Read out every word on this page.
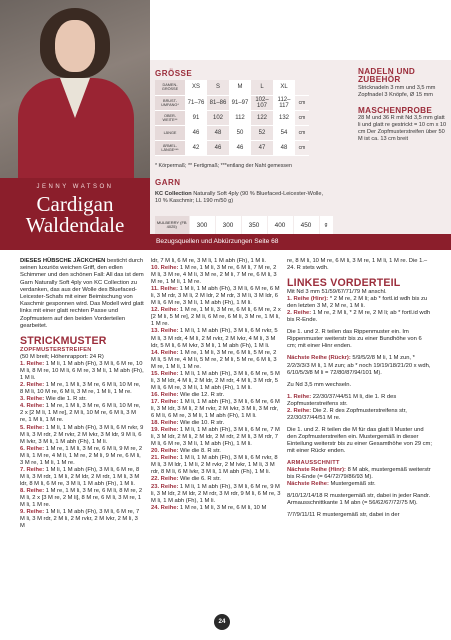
JENNY WATSON
Cardigan
Waldendale
GRÖSSE
DAMEN-GRÖSSE	XS	S	M	L	XL	
BRUST-UMFANG*	71–76	81–86	91–97	102–107	112–117	cm
OBER-WEITE**	91	102	112	122	132	cm
LÄNGE	46	48	50	52	54	cm
ÄRMEL-LÄNGE***	42	46	46	47	48	cm
* Körpermaß; ** Fertigmaß; ***entlang der Naht gemessen
GARN
KC Collection Naturally Soft 4ply (90 % Bluefaced-Leicester-Wolle, 10 % Kaschmir; LL 190 m/50 g)
MULBERRY (FB 4025)	300	300	350	400	450	g
NADELN UND ZUBEHÖR
Stricknadeln 3 mm und 3,5 mm Zopfnadel 3 Knöpfe, Ø 15 mm
MASCHENPROBE
28 M und 36 R mit Nd 3,5 mm glatt li und glatt re gestrickt = 10 cm x 10 cm Der Zopfmusterstreifen über 50 M ist ca. 13 cm breit
Bezugsquellen und Abkürzungen Seite 68

DIESES HÜBSCHE JÄCKCHEN besticht durch seinen luxuriös weichen Griff, den edlen Schimmer und den schönen Fall: All das ist dem Garn Naturally Soft 4ply von KC Collection zu verdanken, das aus der Wolle des Bluefaced-Leicester-Schafs mit einer Beimischung von Kaschmir gesponnen wird. Das Modell wird glatt links mit einer glatt rechten Passe und Zopfmustern auf den beiden Vorderteilen gearbeitet.

STRICKMUSTER
ZOPFMUSTERSTREIFEN

(50 M breit; Höhenrapport: 24 R)

1. Reihe: 1 M li, 1 M abh (Fh), 3 M li, 6 M re, 10 M li, 8 M re, 10 M li, 6 M re, 3 M li, 1 M abh (Fh), 1 M li.

2. Reihe: 1 M re, 1 M li, 3 M re, 6 M li, 10 M re, 8 M li, 10 M re, 6 M li, 3 M re, 1 M li, 1 M re.

3. Reihe: Wie die 1. R str.

4. Reihe: 1 M re, 1 M li, 3 M re, 6 M li, 10 M re, 2 x [2 M li, 1 M re], 2 M li, 10 M re, 6 M li, 3 M re, 1 M li, 1 M re.

5. Reihe: 1 M li, 1 M abh (Fh), 3 M li, 6 M rvkr, 9 M li, 3 M rdr, 2 M rvkr, 2 M lvkr, 3 M ldr, 9 M li, 6 M lvkr, 3 M li, 1 M abh (Fh), 1 M li.

6. Reihe: 1 M re, 1 M li, 3 M re, 6 M li, 9 M re, 2 M li, 1 M re, 4 M li, 1 M re, 2 M li, 9 M re, 6 M li, 3 M re, 1 M li, 1 M re.

7. Reihe: 1 M li, 1 M abh (Fh), 3 M li, 6 M re, 8 M li, 3 M rdr, 1 M li, 2 M ldr, 2 M rdr, 1 M li, 3 M ldr, 8 M li, 6 M re, 3 M li, 1 M abh (Fh), 1 M li.

8. Reihe: 1 M re, 1 M li, 3 M re, 6 M li, 8 M re, 2 M li, 2 x [3 M re, 2 M li], 8 M re, 6 M li, 3 M re, 1 M li, 1 M re.

9. Reihe: 1 M li, 1 M abh (Fh), 3 M li, 6 M re, 7 M li, 3 M rdr, 2 M li, 2 M rvkr, 2 M lvkr, 2 M li, 3 M

ldr, 7 M li, 6 M re, 3 M li, 1 M abh (Fh), 1 M li.

10. Reihe: 1 M re, 1 M li, 3 M re, 6 M li, 7 M re, 2 M li, 3 M re, 4 M li, 3 M re, 2 M li, 7 M re, 6 M li, 3 M re, 1 M li, 1 M re.

11. Reihe: 1 M li, 1 M abh (Fh), 3 M li, 6 M re, 6 M li, 3 M rdr, 3 M li, 2 M ldr, 2 M rdr, 3 M li, 3 M ldr, 6 M li, 6 M re, 3 M li, 1 M abh (Fh), 1 M li.

12. Reihe: 1 M re, 1 M li, 3 M re, 6 M li, 6 M re, 2 x [2 M li, 5 M re], 2 M li, 6 M re, 6 M li, 3 M re, 1 M li, 1 M re.

13. Reihe: 1 M li, 1 M abh (Fh), 3 M li, 6 M rvkr, 5 M li, 3 M rdr, 4 M li, 2 M rvkr, 2 M lvkr, 4 M li, 3 M ldr, 5 M li, 6 M lvkr, 3 M li, 1 M abh (Fh), 1 M li.

14. Reihe: 1 M re, 1 M li, 3 M re, 6 M li, 5 M re, 2 M li, 5 M re, 4 M li, 5 M re, 2 M li, 5 M re, 6 M li, 3 M re, 1 M li, 1 M re.

15. Reihe: 1 M li, 1 M abh (Fh), 3 M li, 6 M re, 5 M li, 3 M ldr, 4 M li, 2 M ldr, 2 M rdr, 4 M li, 3 M rdr, 5 M li, 6 M re, 3 M li, 1 M abh (Fh), 1 M li.

16. Reihe: Wie die 12. R str.

17. Reihe: 1 M li, 1 M abh (Fh), 3 M li, 6 M re, 6 M li, 3 M ldr, 3 M li, 2 M rvkr, 2 M lvkr, 3 M li, 3 M rdr, 6 M li, 6 M re, 3 M li, 1 M abh (Fh), 1 M li.

18. Reihe: Wie die 10. R str.

19. Reihe: 1 M li, 1 M abh (Fh), 3 M li, 6 M re, 7 M li, 3 M ldr, 2 M li, 2 M ldr, 2 M rdr, 2 M li, 3 M rdr, 7 M li, 6 M re, 3 M li, 1 M abh (Fh), 1 M li.

20. Reihe: Wie die 8. R str.

21. Reihe: 1 M li, 1 M abh (Fh), 3 M li, 6 M rvkr, 8 M li, 3 M ldr, 1 M li, 2 M rvkr, 2 M lvkr, 1 M li, 3 M rdr, 8 M li, 6 M lvkr, 3 M li, 1 M abh (Fh), 1 M li.

22. Reihe: Wie die 6. R str.

23. Reihe: 1 M li, 1 M abh (Fh), 3 M li, 6 M re, 9 M li, 3 M ldr, 2 M ldr, 2 M rdr, 3 M rdr, 9 M li, 6 M re, 3 M li, 1 M abh (Fh), 1 M li.

24. Reihe: 1 M re, 1 M li, 3 M re, 6 M li, 10 M

re, 8 M li, 10 M re, 6 M li, 3 M re, 1 M li, 1 M re. Die 1.–24. R stets wdh.

LINKES VORDERTEIL

Mit Nd 3 mm 51/59/67/71/79 M anschl.

1. Reihe (Hinr): * 2 M re, 2 M li; ab * fortl.id wdh bis zu den letzten 3 M, 2 M re, 1 M li.

2. Reihe: 1 M re, 2 M li, * 2 M re, 2 M li; ab * fortl.id wdh bis R-Ende.

Die 1. und 2. R teilen das Rippenmuster ein. Im Rippenmuster weiterstr bis zu einer Bundhöhe von 6 cm; mit einer Hinr enden.

Nächste Reihe (Rückr): 5/9/5/2/8 M li, 1 M zun, * 2/2/3/3/3 M li, 1 M zun; ab * noch 19/19/18/21/20 x wdh, 6/10/5/3/8 M li = 72/80/87/94/101 M).

Zu Nd 3,5 mm wechseln.

1. Reihe: 22/30/37/44/51 M li, die 1. R des Zopfmusterstreifens str.

2. Reihe: Die 2. R des Zopfmusterstreifens str, 22/30/37/44/51 M re.

Die 1. und 2. R teilen die M für das glatt li Muster und den Zopfmusterstreifen ein. Mustergemäß in dieser Einteilung weiterstr bis zu einer Gesamthöhe von 29 cm; mit einer Rückr enden.

ARMAUSSCHNITT

Nächste Reihe (Hinr): 8 M abk, mustergemäß weiterstr bis R-Ende (= 64/72/79/86/93 M).

Nächste Reihe: Mustergemäß str.

8/10/12/14/18 R mustergemäß str, dabei in jeder Randr. Armausschnittkante 1 M abn (= 56/62/67/72/75 M).

7/7/9/11/11 R mustergemäß str, dabei in der

24
